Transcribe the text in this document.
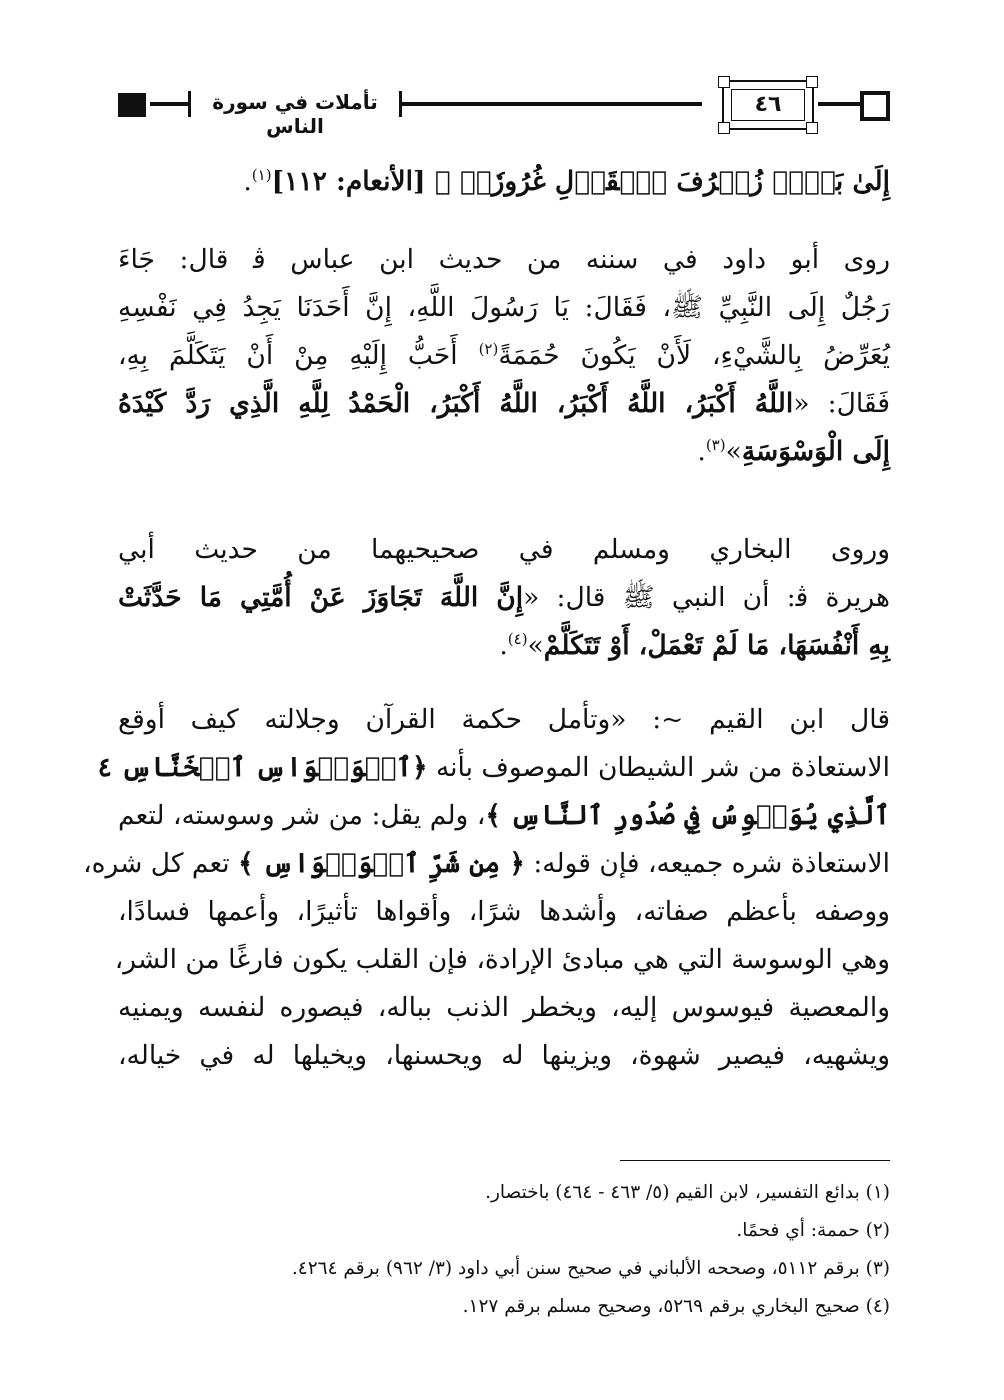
تأملات في سورة الناس
٤٦
إِلَىٰ بَعۡضٖ زُخۡرُفَ ٱلۡقَوۡلِ غُرُورٗاۚ ﴾ [الأنعام: ١١٢]$^{(١)}$.
روى أبو داود في سننه من حديث ابن عباس ﭬ قال: جَاءَ
رَجُلٌ إِلَى النَّبِيِّ ﷺ، فَقَالَ: يَا رَسُولَ اللَّهِ، إِنَّ أَحَدَنَا يَجِدُ فِي نَفْسِهِ
يُعَرِّضُ بِالشَّيْءِ، لَأَنْ يَكُونَ حُمَمَةً$^{(٢)}$ أَحَبُّ إِلَيْهِ مِنْ أَنْ يَتَكَلَّمَ بِهِ،
فَقَالَ: «اللَّهُ أَكْبَرُ، اللَّهُ أَكْبَرُ، اللَّهُ أَكْبَرُ، الْحَمْدُ لِلَّهِ الَّذِي رَدَّ كَيْدَهُ
إِلَى الْوَسْوَسَةِ»$^{(٣)}$.
وروى البخاري ومسلم في صحيحيهما من حديث أبي
هريرة ﭬ: أن النبي ﷺ قال: «إِنَّ اللَّهَ تَجَاوَزَ عَنْ أُمَّتِي مَا حَدَّثَتْ
بِهِ أَنْفُسَهَا، مَا لَمْ تَعْمَلْ، أَوْ تَتَكَلَّمْ»$^{(٤)}$.
قال ابن القيم ~: «وتأمل حكمة القرآن وجلالته كيف أوقع
الاستعاذة من شر الشيطان الموصوف بأنه ﴿ٱلۡوَسۡوَاسِ ٱلۡخَنَّاسِ ٤
ٱلَّذِي يُوَسۡوِسُ فِي صُدُورِ ٱلنَّاسِ ﴾، ولم يقل: من شر وسوسته، لتعم
الاستعاذة شره جميعه، فإن قوله: ﴿ مِن شَرِّ ٱلۡوَسۡوَاسِ ﴾ تعم كل شره،
ووصفه بأعظم صفاته، وأشدها شرًا، وأقواها تأثيرًا، وأعمها فسادًا،
وهي الوسوسة التي هي مبادئ الإرادة، فإن القلب يكون فارغًا من الشر،
والمعصية فيوسوس إليه، ويخطر الذنب بباله، فيصوره لنفسه ويمنيه
ويشهيه، فيصير شهوة، ويزينها له ويحسنها، ويخيلها له في خياله،
(١) بدائع التفسير، لابن القيم (٥/ ٤٦٣ - ٤٦٤) باختصار.
(٢) حممة: أي فحمًا.
(٣) برقم ٥١١٢، وصححه الألباني في صحيح سنن أبي داود (٣/ ٩٦٢) برقم ٤٢٦٤.
(٤) صحيح البخاري برقم ٥٢٦٩، وصحيح مسلم برقم ١٢٧.
